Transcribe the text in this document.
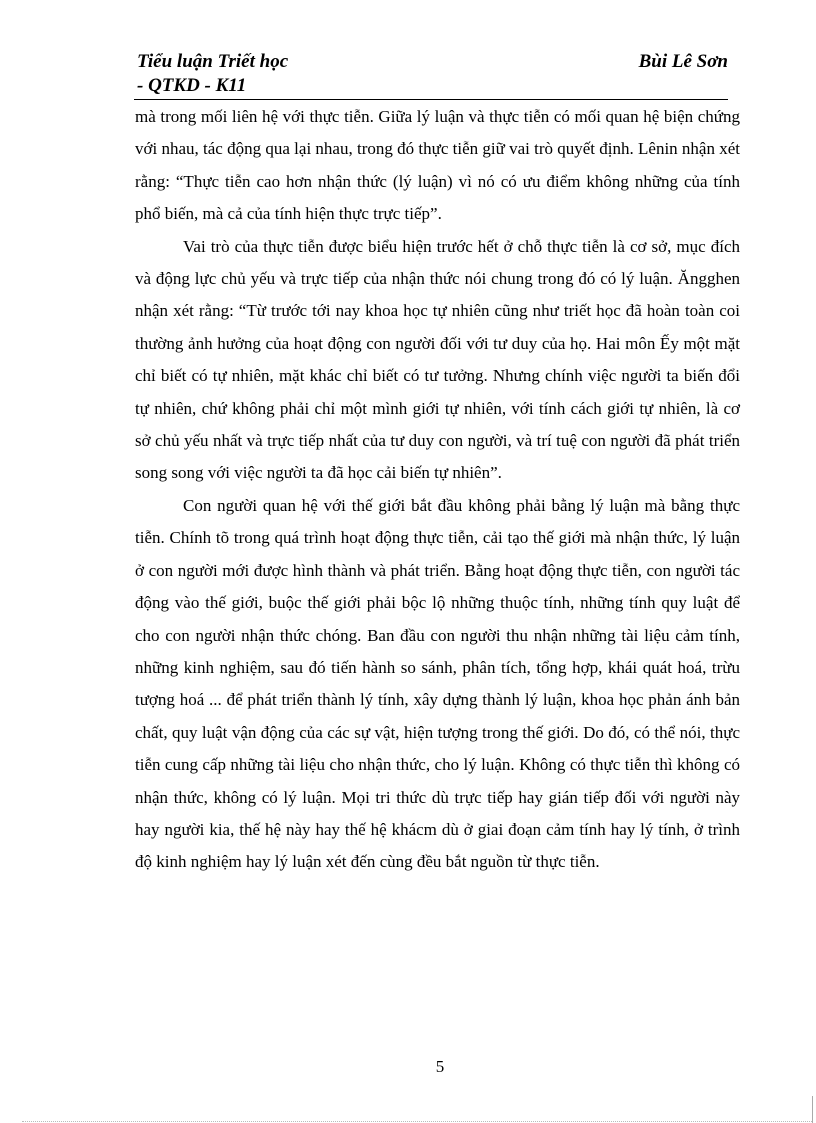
Tiểu luận Triết học
- QTKD - K11
Bùi Lê Sơn

mà trong mối liên hệ với thực tiễn. Giữa lý luận và thực tiễn có mối quan hệ biện chứng với nhau, tác động qua lại nhau, trong đó thực tiễn giữ vai trò quyết định. Lênin nhận xét rằng: “Thực tiễn cao hơn nhận thức (lý luận) vì nó có ưu điểm không những của tính phổ biến, mà cả của tính hiện thực trực tiếp”.

Vai trò của thực tiễn được biểu hiện trước hết ở chỗ thực tiễn là cơ sở, mục đích và động lực chủ yếu và trực tiếp của nhận thức nói chung trong đó có lý luận. Ăngghen nhận xét rằng: “Từ trước tới nay khoa học tự nhiên cũng như triết học đã hoàn toàn coi thường ảnh hưởng của hoạt động con người đối với tư duy của họ. Hai môn Ếy một mặt chỉ biết có tự nhiên, mặt khác chỉ biết có tư tưởng. Nhưng chính việc người ta biến đổi tự nhiên, chứ không phải chỉ một mình giới tự nhiên, với tính cách giới tự nhiên, là cơ sở chủ yếu nhất và trực tiếp nhất của tư duy con người, và trí tuệ con người đã phát triển song song với việc người ta đã học cải biến tự nhiên”.

Con người quan hệ với thế giới bắt đầu không phải bằng lý luận mà bằng thực tiễn. Chính tõ trong quá trình hoạt động thực tiễn, cải tạo thế giới mà nhận thức, lý luận ở con người mới được hình thành và phát triển. Bằng hoạt động thực tiễn, con người tác động vào thế giới, buộc thế giới phải bộc lộ những thuộc tính, những tính quy luật để cho con người nhận thức chóng. Ban đầu con người thu nhận những tài liệu cảm tính, những kinh nghiệm, sau đó tiến hành so sánh, phân tích, tổng hợp, khái quát hoá, trừu tượng hoá ... để phát triển thành lý tính, xây dựng thành lý luận, khoa học phản ánh bản chất, quy luật vận động của các sự vật, hiện tượng trong thế giới. Do đó, có thể nói, thực tiễn cung cấp những tài liệu cho nhận thức, cho lý luận. Không có thực tiễn thì không có nhận thức, không có lý luận. Mọi tri thức dù trực tiếp hay gián tiếp đối với người này hay người kia, thế hệ này hay thế hệ khácm dù ở giai đoạn cảm tính hay lý tính, ở trình độ kinh nghiệm hay lý luận xét đến cùng đều bắt nguồn từ thực tiễn.

5
